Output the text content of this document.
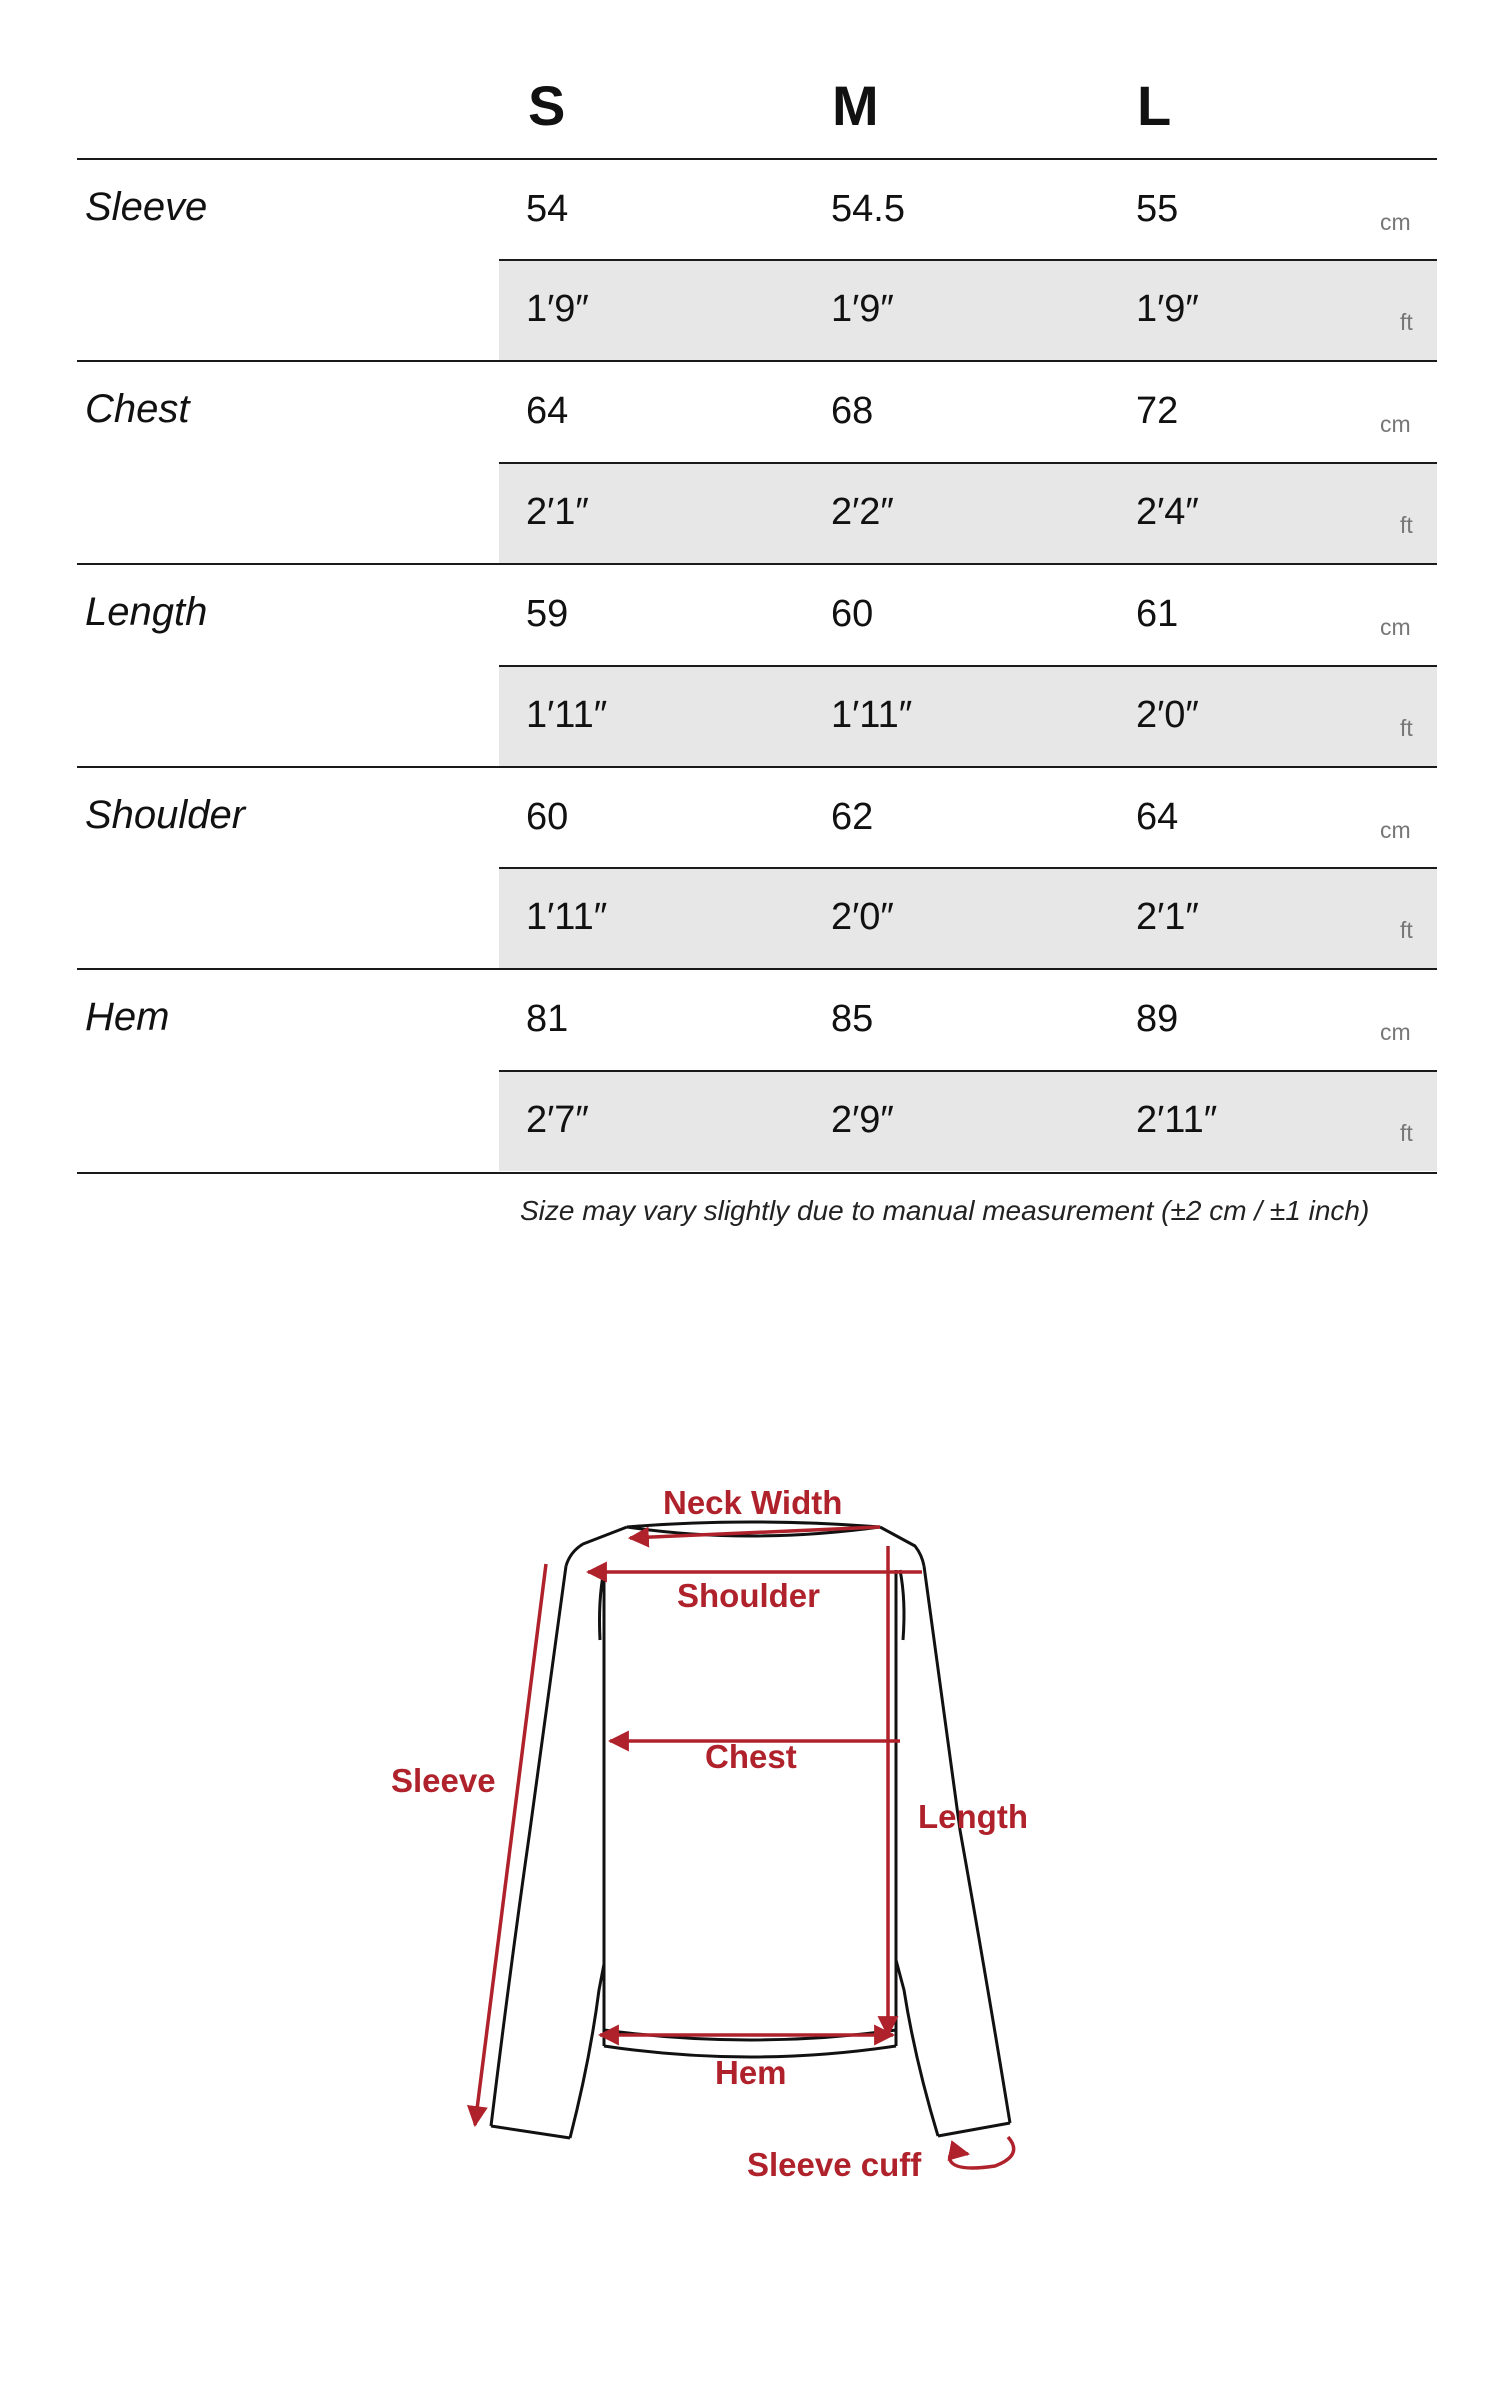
S	M	L
Sleeve	54	54.5	55	cm
1′9″	1′9″	1′9″	ft
Chest	64	68	72	cm
2′1″	2′2″	2′4″	ft
Length	59	60	61	cm
1′11″	1′11″	2′0″	ft
Shoulder	60	62	64	cm
1′11″	2′0″	2′1″	ft
Hem	81	85	89	cm
2′7″	2′9″	2′11″	ft
Size may vary slightly due to manual measurement (±2 cm / ±1 inch)
Neck Width
Shoulder
Chest
Sleeve
Length
Hem
Sleeve cuff
